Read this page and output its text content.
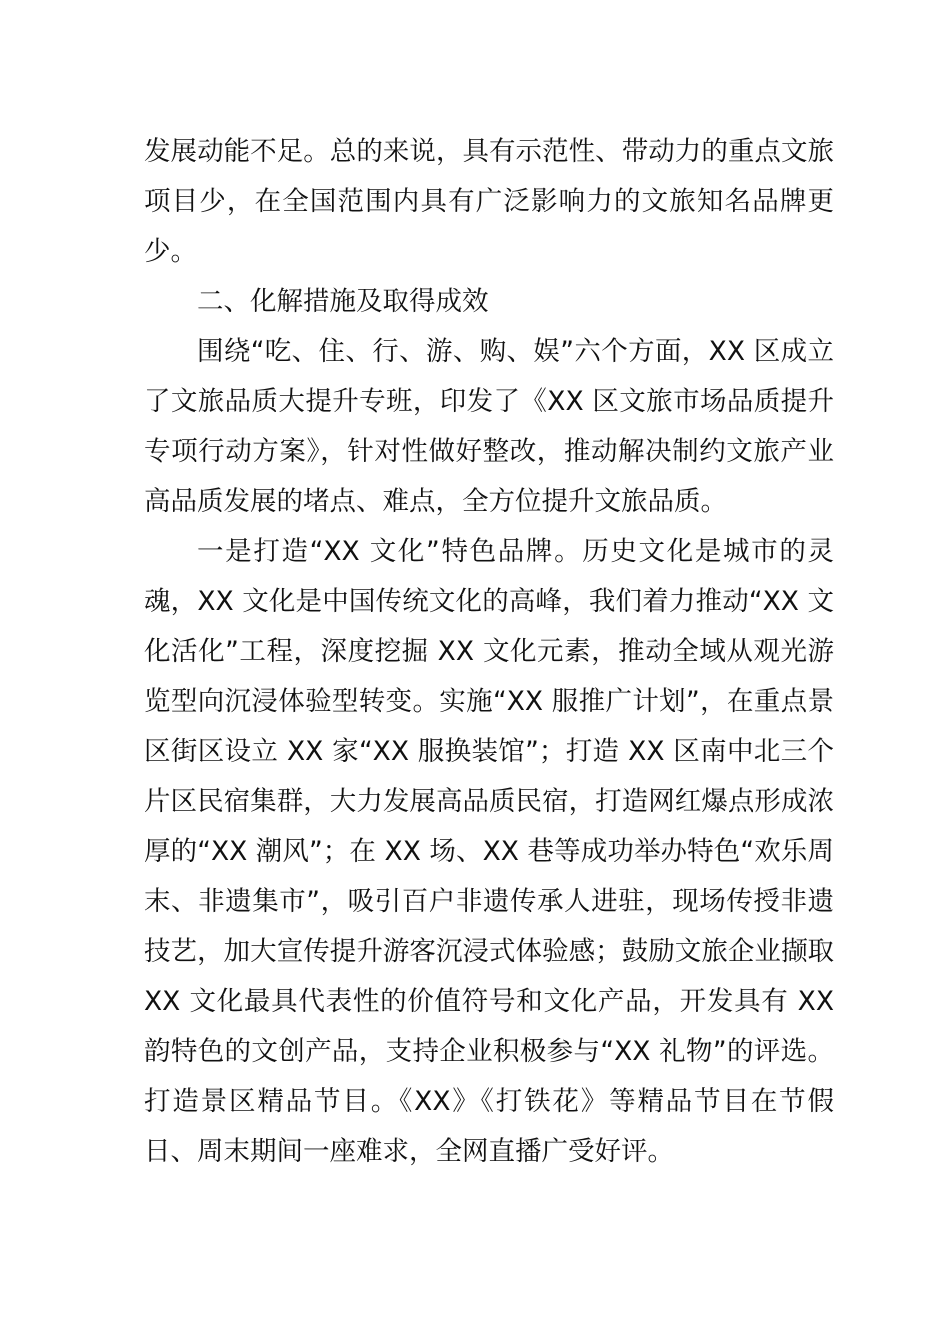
发展动能不足。总的来说，具有示范性、带动力的重点文旅项目少，在全国范围内具有广泛影响力的文旅知名品牌更少。

二、化解措施及取得成效

围绕“吃、住、行、游、购、娱”六个方面，XX 区成立了文旅品质大提升专班，印发了《XX 区文旅市场品质提升专项行动方案》，针对性做好整改，推动解决制约文旅产业高品质发展的堵点、难点，全方位提升文旅品质。

一是打造“XX 文化”特色品牌。历史文化是城市的灵魂，XX 文化是中国传统文化的高峰，我们着力推动“XX 文化活化”工程，深度挖掘 XX 文化元素，推动全域从观光游览型向沉浸体验型转变。实施“XX 服推广计划”，在重点景区街区设立 XX 家“XX 服换装馆”；打造 XX 区南中北三个片区民宿集群，大力发展高品质民宿，打造网红爆点形成浓厚的“XX 潮风”；在 XX 场、XX 巷等成功举办特色“欢乐周末、非遗集市”，吸引百户非遗传承人进驻，现场传授非遗技艺，加大宣传提升游客沉浸式体验感；鼓励文旅企业撷取 XX 文化最具代表性的价值符号和文化产品，开发具有 XX 韵特色的文创产品，支持企业积极参与“XX 礼物”的评选。打造景区精品节目。《XX》《打铁花》等精品节目在节假日、周末期间一座难求，全网直播广受好评。
